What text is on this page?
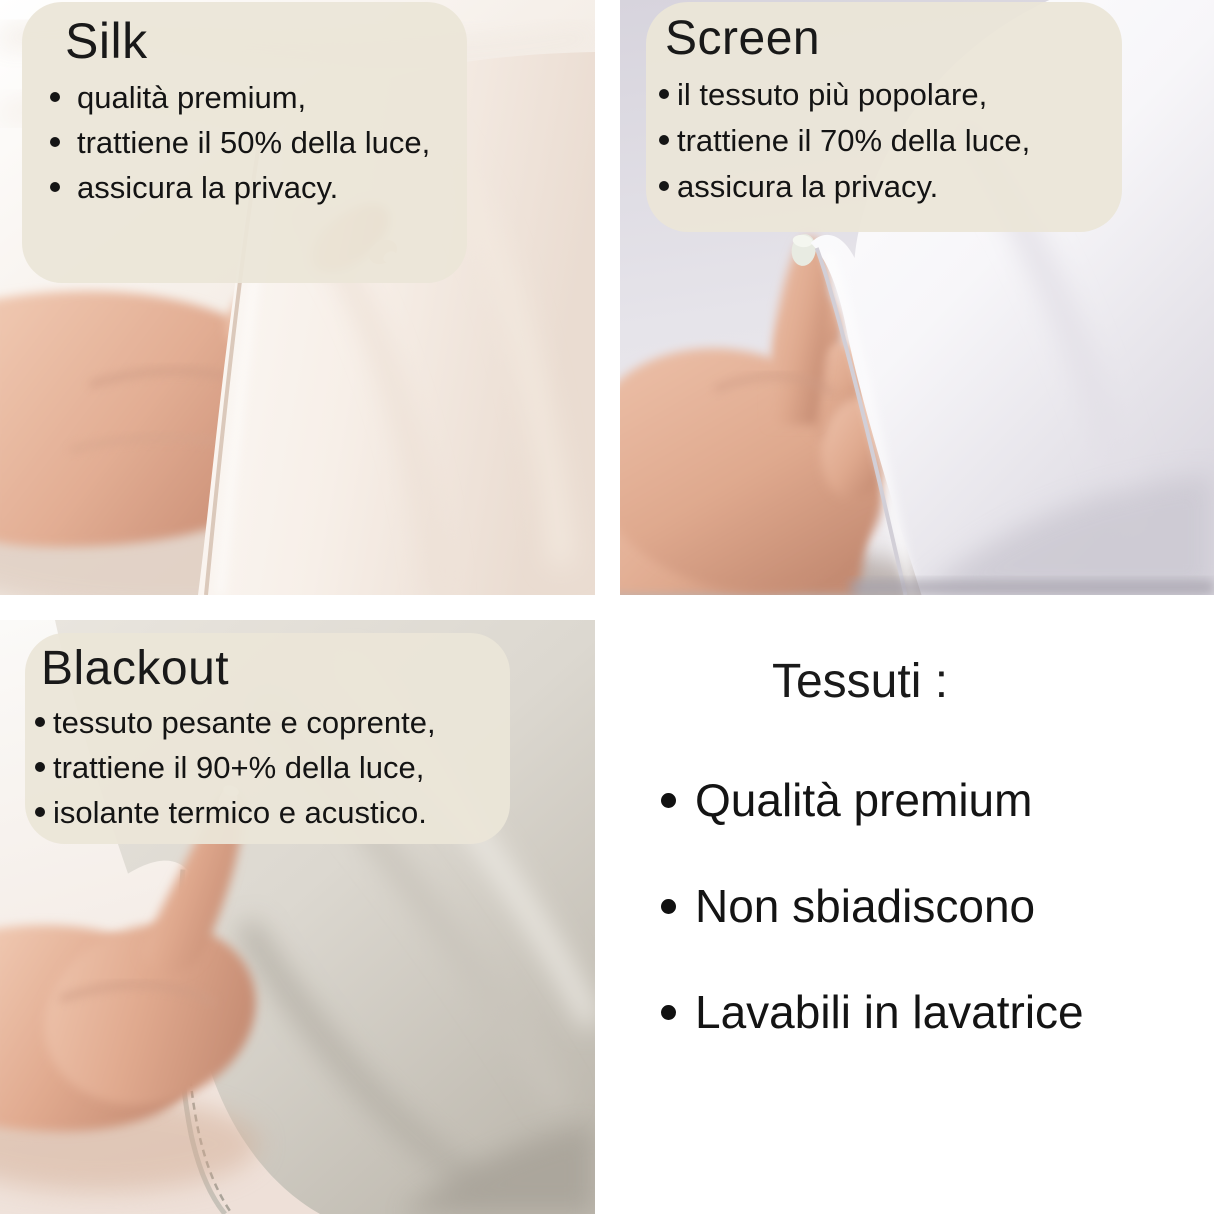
Silk
qualità premium,
trattiene il 50% della luce,
assicura la privacy.
Screen
il tessuto più popolare,
trattiene il 70% della luce,
assicura la privacy.
Blackout
tessuto pesante e coprente,
trattiene il 90+% della luce,
isolante termico e acustico.
Tessuti :
Qualità premium
Non sbiadiscono
Lavabili in lavatrice
